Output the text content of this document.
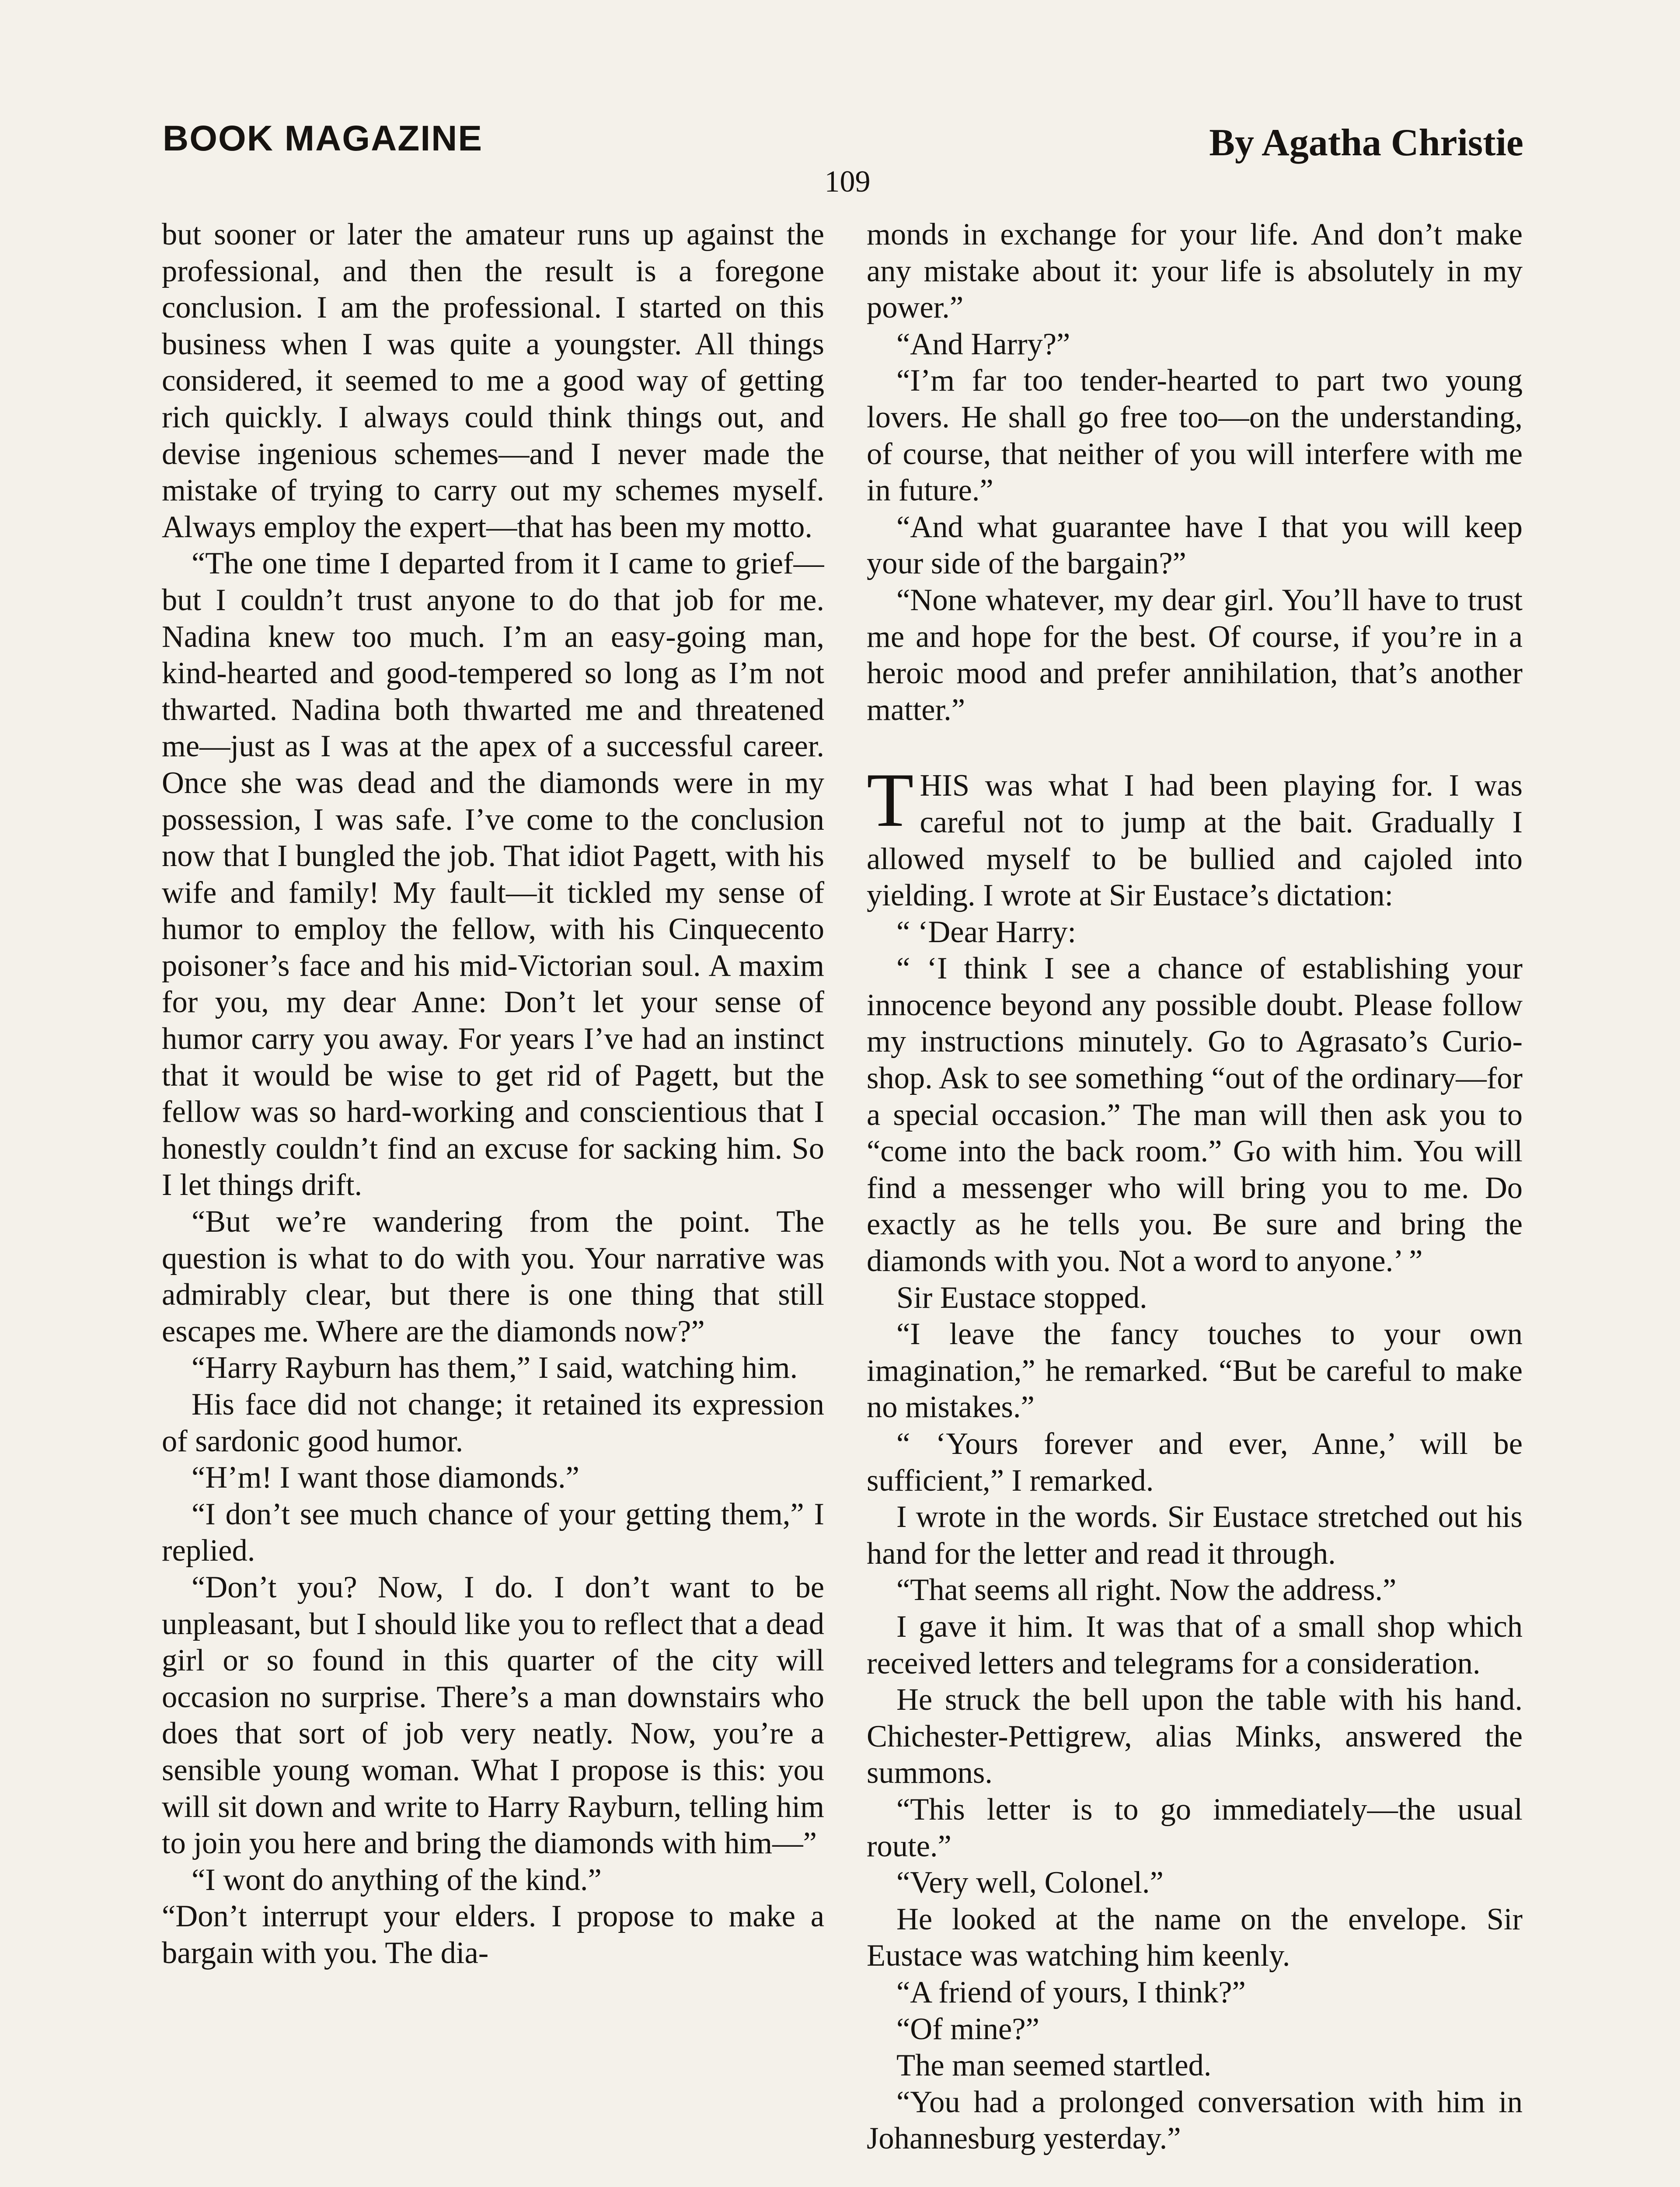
BOOK MAGAZINE	By Agatha Christie
109

but sooner or later the amateur runs up against the professional, and then the result is a foregone conclusion. I am the professional. I started on this business when I was quite a youngster. All things considered, it seemed to me a good way of getting rich quickly. I always could think things out, and devise ingenious schemes—and I never made the mistake of trying to carry out my schemes myself. Always employ the expert—that has been my motto.

“The one time I departed from it I came to grief—but I couldn’t trust anyone to do that job for me. Nadina knew too much. I’m an easy-going man, kind-hearted and good-tempered so long as I’m not thwarted. Nadina both thwarted me and threatened me—just as I was at the apex of a successful career. Once she was dead and the diamonds were in my possession, I was safe. I’ve come to the conclusion now that I bungled the job. That idiot Pagett, with his wife and family! My fault—it tickled my sense of humor to employ the fellow, with his Cinquecento poisoner’s face and his mid-Victorian soul. A maxim for you, my dear Anne: Don’t let your sense of humor carry you away. For years I’ve had an instinct that it would be wise to get rid of Pagett, but the fellow was so hard-working and conscientious that I honestly couldn’t find an excuse for sacking him. So I let things drift.

“But we’re wandering from the point. The question is what to do with you. Your narrative was admirably clear, but there is one thing that still escapes me. Where are the diamonds now?”

“Harry Rayburn has them,” I said, watching him.

His face did not change; it retained its expression of sardonic good humor.

“H’m! I want those diamonds.”

“I don’t see much chance of your getting them,” I replied.

“Don’t you? Now, I do. I don’t want to be unpleasant, but I should like you to reflect that a dead girl or so found in this quarter of the city will occasion no surprise. There’s a man downstairs who does that sort of job very neatly. Now, you’re a sensible young woman. What I propose is this: you will sit down and write to Harry Rayburn, telling him to join you here and bring the diamonds with him—”

“I wont do anything of the kind.”

“Don’t interrupt your elders. I propose to make a bargain with you. The dia-

monds in exchange for your life. And don’t make any mistake about it: your life is absolutely in my power.”

“And Harry?”

“I’m far too tender-hearted to part two young lovers. He shall go free too—on the understanding, of course, that neither of you will interfere with me in future.”

“And what guarantee have I that you will keep your side of the bargain?”

“None whatever, my dear girl. You’ll have to trust me and hope for the best. Of course, if you’re in a heroic mood and prefer annihilation, that’s another matter.”

THIS was what I had been playing for. I was careful not to jump at the bait. Gradually I allowed myself to be bullied and cajoled into yielding. I wrote at Sir Eustace’s dictation:

“ ‘Dear Harry:

“ ‘I think I see a chance of establishing your innocence beyond any possible doubt. Please follow my instructions minutely. Go to Agrasato’s Curio-shop. Ask to see something “out of the ordinary—for a special occasion.” The man will then ask you to “come into the back room.” Go with him. You will find a messenger who will bring you to me. Do exactly as he tells you. Be sure and bring the diamonds with you. Not a word to anyone.’ ”

Sir Eustace stopped.

“I leave the fancy touches to your own imagination,” he remarked. “But be careful to make no mistakes.”

“ ‘Yours forever and ever, Anne,’ will be sufficient,” I remarked.

I wrote in the words. Sir Eustace stretched out his hand for the letter and read it through.

“That seems all right. Now the address.”

I gave it him. It was that of a small shop which received letters and telegrams for a consideration.

He struck the bell upon the table with his hand. Chichester-Pettigrew, alias Minks, answered the summons.

“This letter is to go immediately—the usual route.”

“Very well, Colonel.”

He looked at the name on the envelope. Sir Eustace was watching him keenly.

“A friend of yours, I think?”

“Of mine?”

The man seemed startled.

“You had a prolonged conversation with him in Johannesburg yesterday.”
